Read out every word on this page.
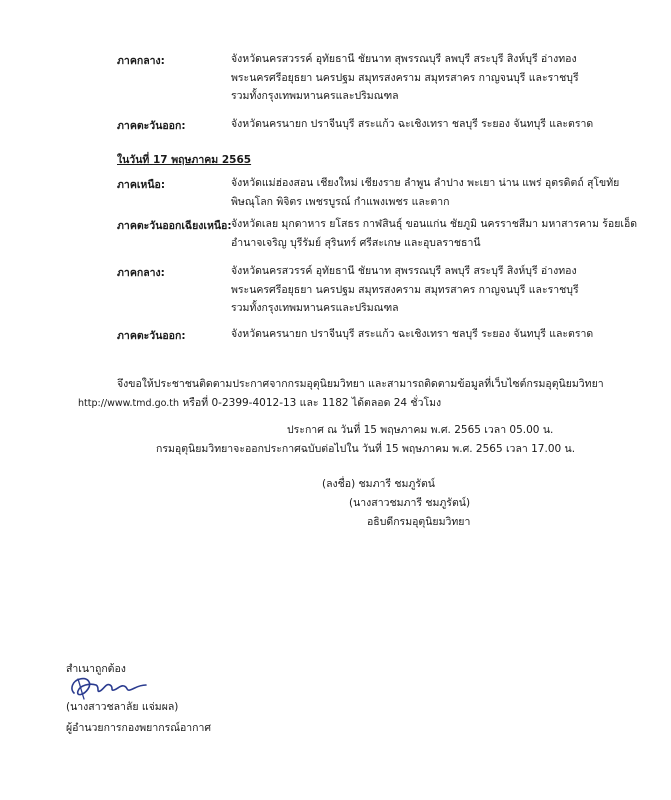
ภาคกลาง:	จังหวัดนครสวรรค์ อุทัยธานี ชัยนาท สุพรรณบุรี ลพบุรี สระบุรี สิงห์บุรี อ่างทอง
พระนครศรีอยุธยา นครปฐม สมุทรสงคราม สมุทรสาคร กาญจนบุรี และราชบุรี
รวมทั้งกรุงเทพมหานครและปริมณฑล
ภาคตะวันออก:	จังหวัดนครนายก ปราจีนบุรี สระแก้ว ฉะเชิงเทรา ชลบุรี ระยอง จันทบุรี และตราด
ในวันที่ 17 พฤษภาคม 2565
ภาคเหนือ:	จังหวัดแม่ฮ่องสอน เชียงใหม่ เชียงราย ลำพูน ลำปาง พะเยา น่าน แพร่ อุตรดิตถ์ สุโขทัย
พิษณุโลก พิจิตร เพชรบูรณ์ กำแพงเพชร และตาก
ภาคตะวันออกเฉียงเหนือ: จังหวัดเลย มุกดาหาร ยโสธร กาฬสินธุ์ ขอนแก่น ชัยภูมิ นครราชสีมา มหาสารคาม ร้อยเอ็ด
อำนาจเจริญ บุรีรัมย์ สุรินทร์ ศรีสะเกษ และอุบลราชธานี
ภาคกลาง:	จังหวัดนครสวรรค์ อุทัยธานี ชัยนาท สุพรรณบุรี ลพบุรี สระบุรี สิงห์บุรี อ่างทอง
พระนครศรีอยุธยา นครปฐม สมุทรสงคราม สมุทรสาคร กาญจนบุรี และราชบุรี
รวมทั้งกรุงเทพมหานครและปริมณฑล
ภาคตะวันออก:	จังหวัดนครนายก ปราจีนบุรี สระแก้ว ฉะเชิงเทรา ชลบุรี ระยอง จันทบุรี และตราด
จึงขอให้ประชาชนติดตามประกาศจากกรมอุตุนิยมวิทยา และสามารถติดตามข้อมูลที่เว็บไซต์กรมอุตุนิยมวิทยา
http://www.tmd.go.th หรือที่ 0-2399-4012-13 และ 1182 ได้ตลอด 24 ชั่วโมง
ประกาศ ณ วันที่ 15 พฤษภาคม พ.ศ. 2565 เวลา 05.00 น.
กรมอุตุนิยมวิทยาจะออกประกาศฉบับต่อไปใน วันที่ 15 พฤษภาคม พ.ศ. 2565 เวลา 17.00 น.
(ลงชื่อ) ชมภารี ชมภูรัตน์
(นางสาวชมภารี ชมภูรัตน์)
อธิบดีกรมอุตุนิยมวิทยา
สำเนาถูกต้อง
(นางสาวชลาลัย แจ่มผล)
ผู้อำนวยการกองพยากรณ์อากาศ
